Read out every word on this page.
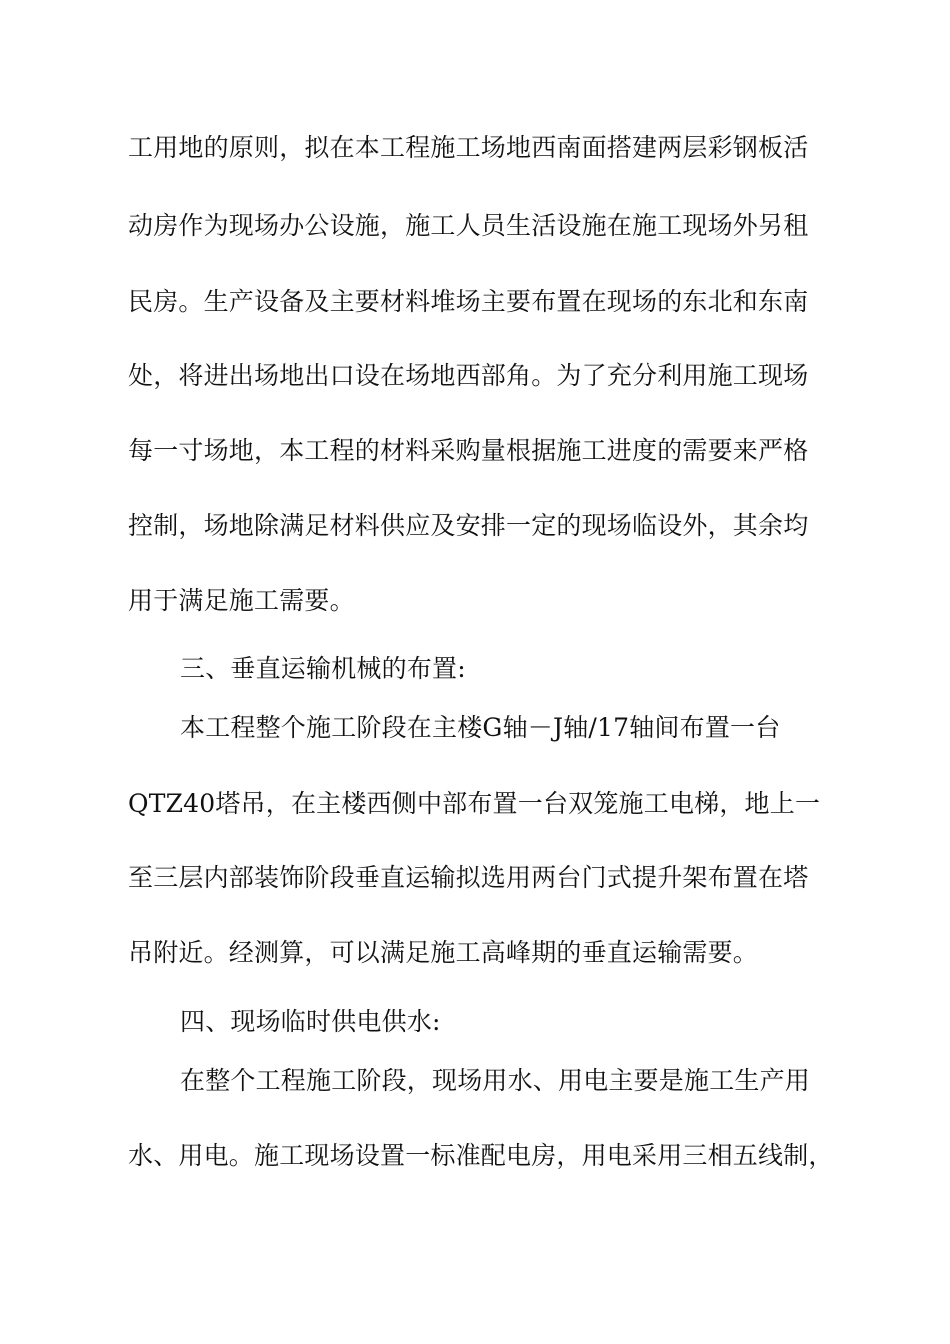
工用地的原则，拟在本工程施工场地西南面搭建两层彩钢板活
动房作为现场办公设施，施工人员生活设施在施工现场外另租
民房。生产设备及主要材料堆场主要布置在现场的东北和东南
处，将进出场地出口设在场地西部角。为了充分利用施工现场
每一寸场地，本工程的材料采购量根据施工进度的需要来严格
控制，场地除满足材料供应及安排一定的现场临设外，其余均
用于满足施工需要。
三、垂直运输机械的布置:
本工程整个施工阶段在主楼G轴－J轴/17轴间布置一台
QTZ40塔吊，在主楼西侧中部布置一台双笼施工电梯，地上一
至三层内部装饰阶段垂直运输拟选用两台门式提升架布置在塔
吊附近。经测算，可以满足施工高峰期的垂直运输需要。
四、现场临时供电供水:
在整个工程施工阶段，现场用水、用电主要是施工生产用
水、用电。施工现场设置一标准配电房，用电采用三相五线制，
